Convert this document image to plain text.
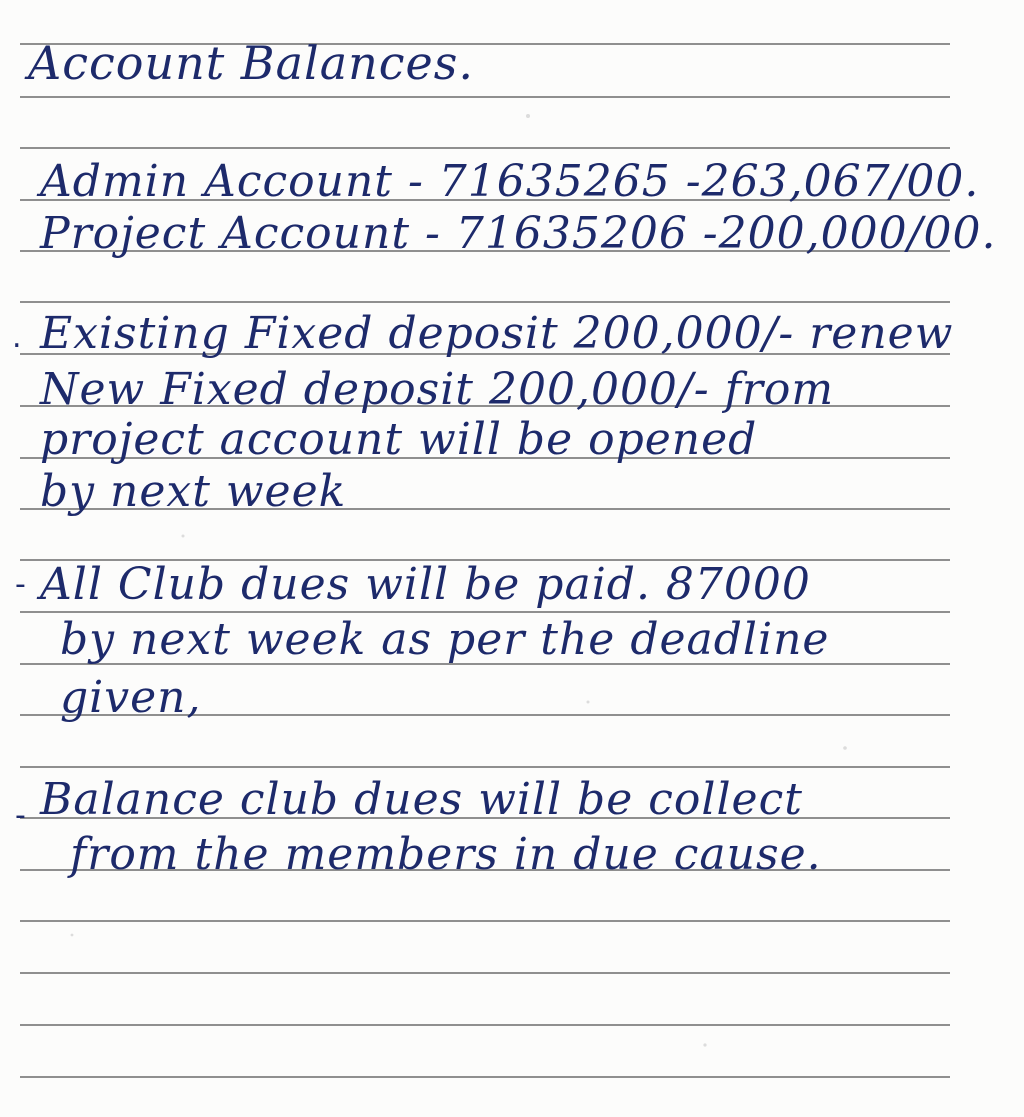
Account Balances.
Admin Account - 71635265 -263,067/00.
Project Account - 71635206 -200,000/00.
. Existing Fixed deposit 200,000/- renew
New Fixed deposit 200,000/- from
project account will be opened
by next week
- All Club dues will be paid. 87000
by next week as per the deadline
given,
- Balance club dues will be collect
from the members in due cause.
